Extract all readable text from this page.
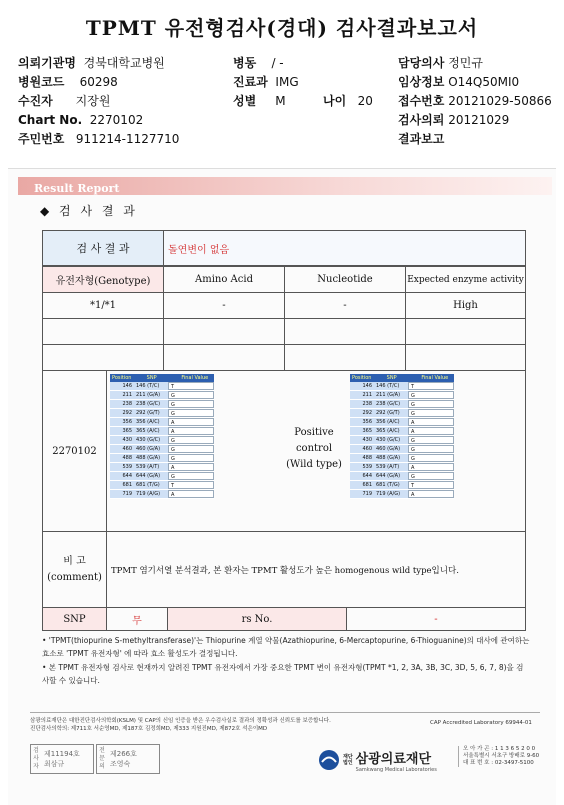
TPMT 유전형검사(경대) 검사결과보고서
의뢰기관명 경북대학교병원	병동 / -	담당의사 정민규
병원코드 60298	진료과 IMG	임상정보 O14Q50MI0
수진자 지장원	성별 M	나이 20 접수번호 20121029-50866
Chart No. 2270102	검사의뢰 20121029
주민번호 911214-1127710	결과보고
Result Report
◆ 검 사 결 과
검 사 결 과	돌연변이 없음
유전자형(Genotype)	Amino Acid	Nucleotide	Expected enzyme activity
*1/*1	-	-	High
2270102
Positive
control
(Wild type)
Position	SNP	Final Value
146 146 (T/C)	T
211 211 (G/A)	G
238 238 (G/C)	G
292 292 (G/T)	G
356 356 (A/C)	A
365 365 (A/C)	A
430 430 (G/C)	G
460 460 (G/A)	G
488 488 (G/A)	G
539 539 (A/T)	A
644 644 (G/A)	G
681 681 (T/G)	T
719 719 (A/G)	A
Position	SNP	Final Value
146 146 (T/C)	T
211 211 (G/A)	G
238 238 (G/C)	G
292 292 (G/T)	G
356 356 (A/C)	A
365 365 (A/C)	A
430 430 (G/C)	G
460 460 (G/A)	G
488 488 (G/A)	G
539 539 (A/T)	A
644 644 (G/A)	G
681 681 (T/G)	T
719 719 (A/G)	A
비 고
(comment)
TPMT 염기서열 분석결과, 본 환자는 TPMT 활성도가 높은 homogenous wild type입니다.
SNP	무	rs No.	-
• 'TPMT(thiopurine S-methyltransferase)'는 Thiopurine 계열 약물(Azathiopurine, 6-Mercaptopurine, 6-Thioguanine)의 대사에 관여하는 효소로 'TPMT 유전자형' 에 따라 효소 활성도가 결정됩니다.
• 본 TPMT 유전자형 검사로 현재까지 알려진 TPMT 유전자에서 가장 중요한 TPMT 변이 유전자형(TPMT *1, 2, 3A, 3B, 3C, 3D, 5, 6, 7, 8)을 검사할 수 있습니다.
삼광의료재단은 대한진단검사의학회(KSLM) 및 CAP의 신임 인증을 받은 우수검사실로 결과의 정확성과 신뢰도를 보증합니다.
진단검사의학의: 제711호 서순영MD, 제187호 김정희MD, 제333 지원진MD, 제872호 석은이MD
CAP Accredited Laboratory 69944-01
검사자
제11194호
최삼규
전문의
제266호
조영숙
재단
법인 삼광의료재단
Samkwang Medical Laboratories
오 아 가 곤 : 1 1 3 6 5 2 0 0
서울특별시 서초구 방배로 9-60
대 표 번 호 : 02-3497-5100
